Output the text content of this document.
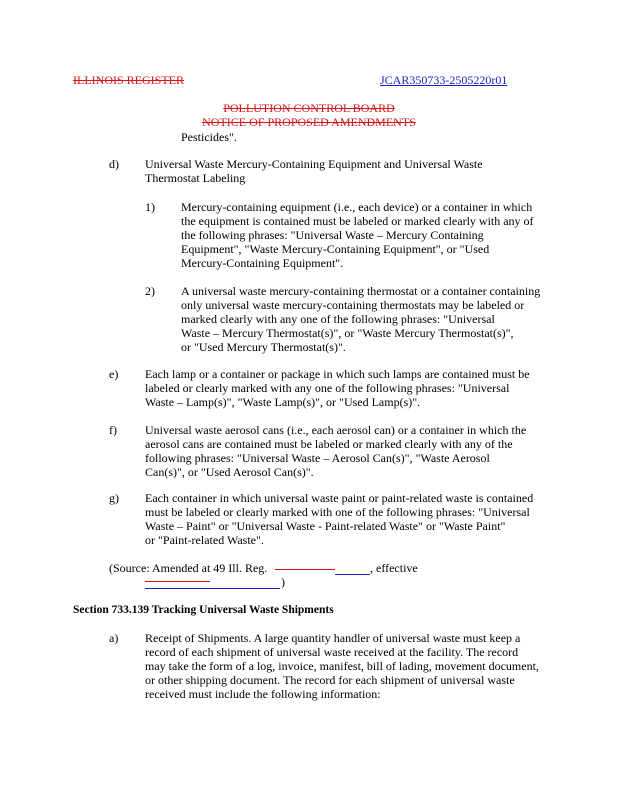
ILLINOIS REGISTER	JCAR350733-2505220r01
POLLUTION CONTROL BOARD
NOTICE OF PROPOSED AMENDMENTS
Pesticides".
d) Universal Waste Mercury-Containing Equipment and Universal Waste
Thermostat Labeling
1) Mercury-containing equipment (i.e., each device) or a container in which
the equipment is contained must be labeled or marked clearly with any of
the following phrases: "Universal Waste – Mercury Containing
Equipment", "Waste Mercury-Containing Equipment", or "Used
Mercury-Containing Equipment".
2) A universal waste mercury-containing thermostat or a container containing
only universal waste mercury-containing thermostats may be labeled or
marked clearly with any one of the following phrases: "Universal
Waste – Mercury Thermostat(s)", or "Waste Mercury Thermostat(s)",
or "Used Mercury Thermostat(s)".
e) Each lamp or a container or package in which such lamps are contained must be
labeled or clearly marked with any one of the following phrases: "Universal
Waste – Lamp(s)", "Waste Lamp(s)", or "Used Lamp(s)".
f) Universal waste aerosol cans (i.e., each aerosol can) or a container in which the
aerosol cans are contained must be labeled or marked clearly with any of the
following phrases: "Universal Waste – Aerosol Can(s)", "Waste Aerosol
Can(s)", or "Used Aerosol Can(s)".
g) Each container in which universal waste paint or paint-related waste is contained
must be labeled or clearly marked with one of the following phrases: "Universal
Waste – Paint" or "Universal Waste - Paint-related Waste" or "Waste Paint"
or "Paint-related Waste".
(Source: Amended at 49 Ill. Reg.	, effective
)
Section 733.139 Tracking Universal Waste Shipments
a) Receipt of Shipments. A large quantity handler of universal waste must keep a
record of each shipment of universal waste received at the facility. The record
may take the form of a log, invoice, manifest, bill of lading, movement document,
or other shipping document. The record for each shipment of universal waste
received must include the following information:
